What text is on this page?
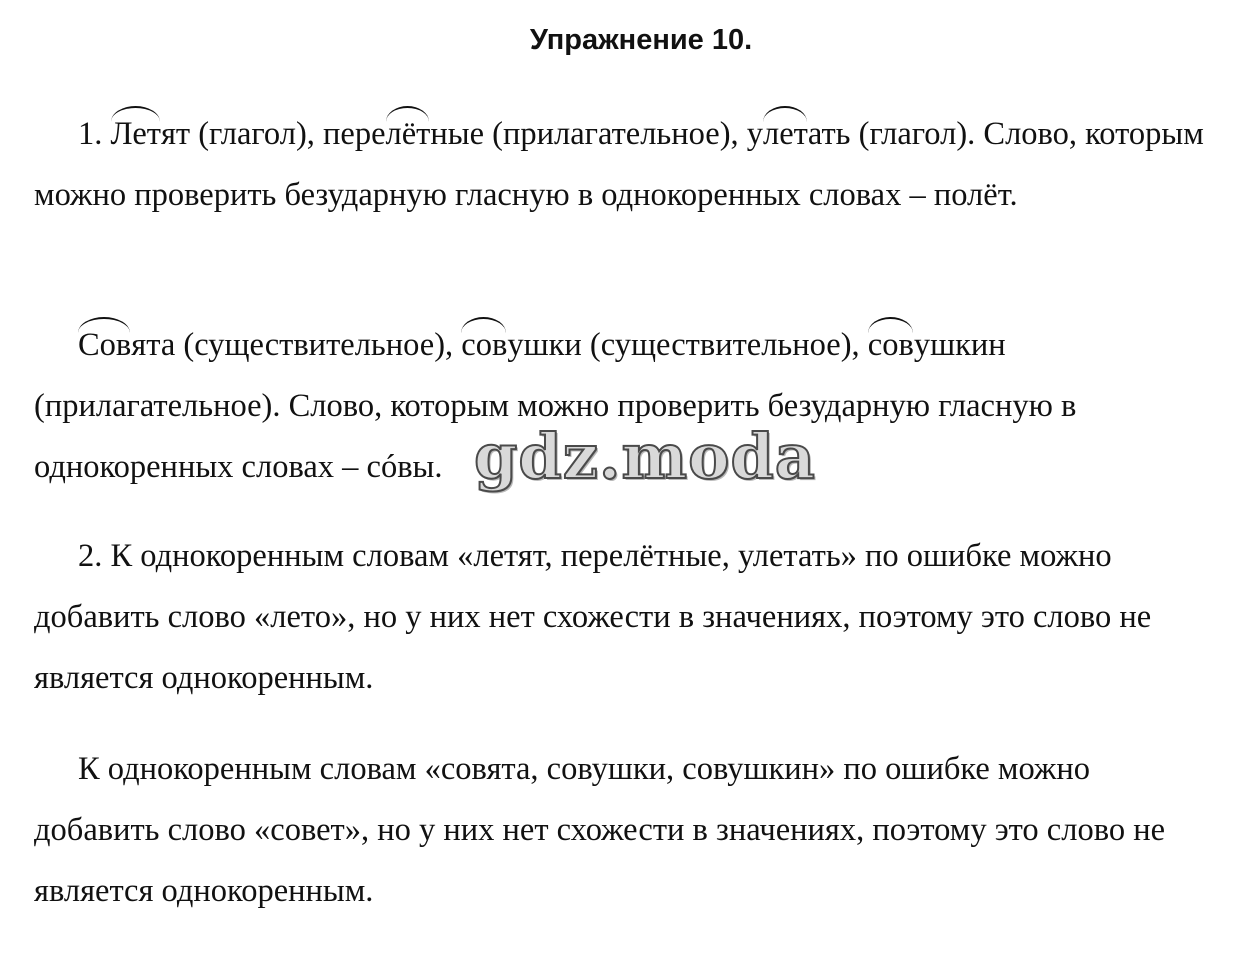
Упражнение 10.

1. Летят (глагол), перелётные (прилагательное), улетать (глагол). Слово, которым можно проверить безударную гласную в однокоренных словах – полёт.

Совята (существительное), совушки (существительное), совушкин (прилагательное). Слово, которым можно проверить безударную гласную в однокоренных словах – сóвы.

2. К однокоренным словам «летят, перелётные, улетать» по ошибке можно добавить слово «лето», но у них нет схожести в значениях, поэтому это слово не является однокоренным.

К однокоренным словам «совята, совушки, совушкин» по ошибке можно добавить слово «совет», но у них нет схожести в значениях, поэтому это слово не является однокоренным.

gdz.moda
